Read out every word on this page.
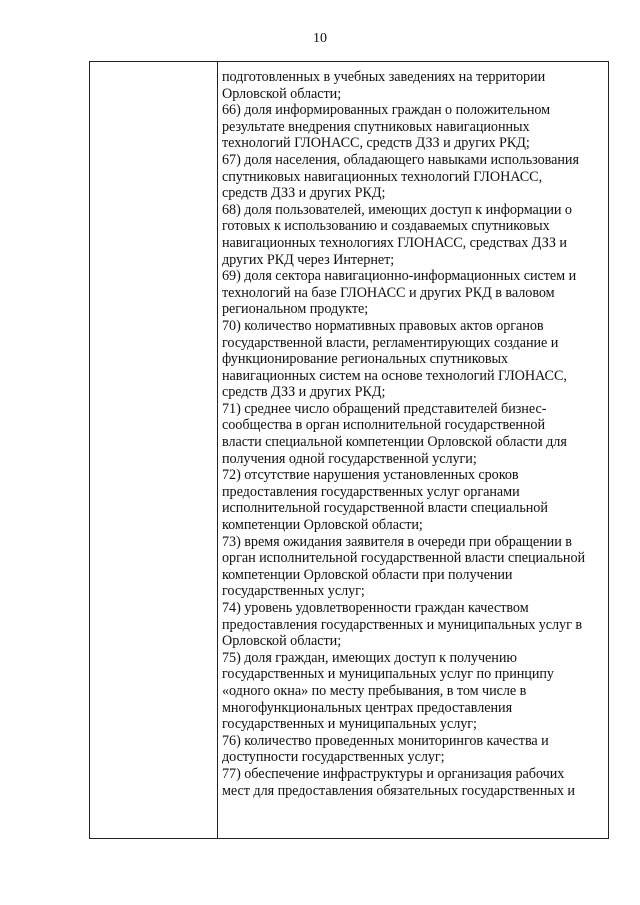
10
подготовленных в учебных заведениях на территории
Орловской области;
66) доля информированных граждан о положительном
результате внедрения спутниковых навигационных
технологий ГЛОНАСС, средств ДЗЗ и других РКД;
67) доля населения, обладающего навыками использования
спутниковых навигационных технологий ГЛОНАСС,
средств ДЗЗ и других РКД;
68) доля пользователей, имеющих доступ к информации о
готовых к использованию и создаваемых спутниковых
навигационных технологиях ГЛОНАСС, средствах ДЗЗ и
других РКД через Интернет;
69) доля сектора навигационно-информационных систем и
технологий на базе ГЛОНАСС и других РКД в валовом
региональном продукте;
70) количество нормативных правовых актов органов
государственной власти, регламентирующих создание и
функционирование региональных спутниковых
навигационных систем на основе технологий ГЛОНАСС,
средств ДЗЗ и других РКД;
71) среднее число обращений представителей бизнес-
сообщества в орган исполнительной государственной
власти специальной компетенции Орловской области для
получения одной государственной услуги;
72) отсутствие нарушения установленных сроков
предоставления государственных услуг органами
исполнительной государственной власти специальной
компетенции Орловской области;
73) время ожидания заявителя в очереди при обращении в
орган исполнительной государственной власти специальной
компетенции Орловской области при получении
государственных услуг;
74) уровень удовлетворенности граждан качеством
предоставления государственных и муниципальных услуг в
Орловской области;
75) доля граждан, имеющих доступ к получению
государственных и муниципальных услуг по принципу
«одного окна» по месту пребывания, в том числе в
многофункциональных центрах предоставления
государственных и муниципальных услуг;
76) количество проведенных мониторингов качества и
доступности государственных услуг;
77) обеспечение инфраструктуры и организация рабочих
мест для предоставления обязательных государственных и
